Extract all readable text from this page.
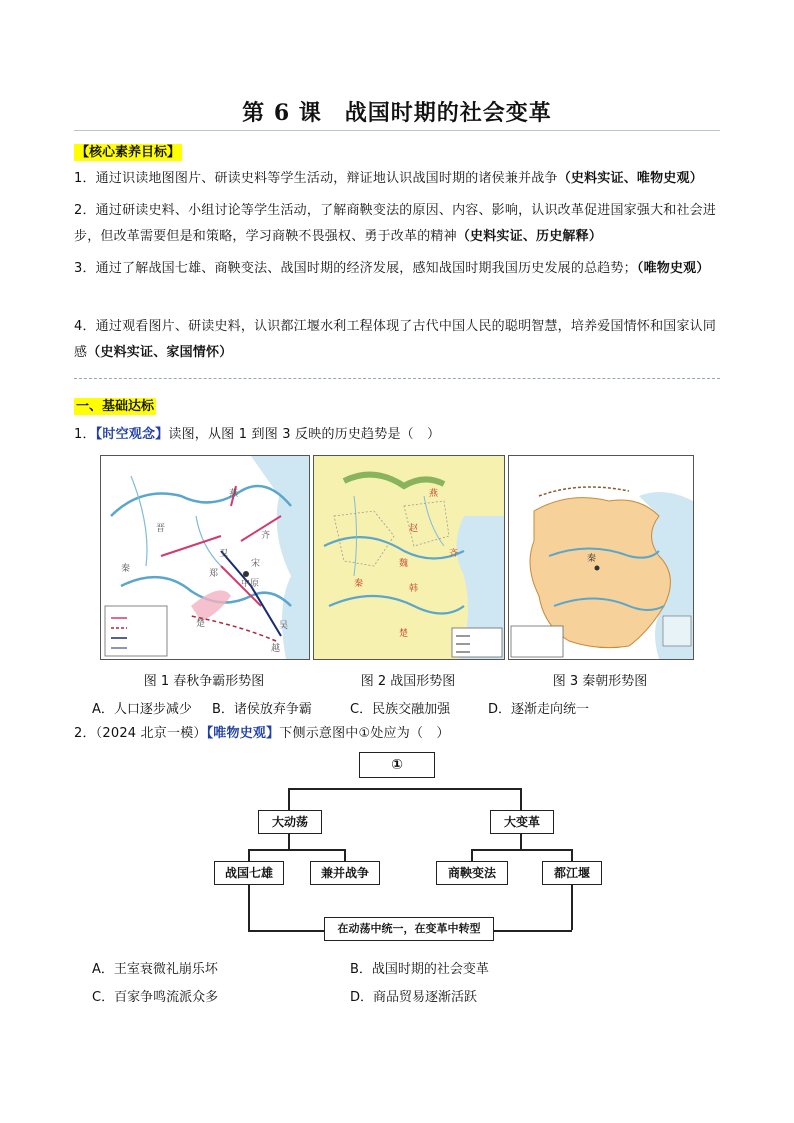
第 6 课　战国时期的社会变革
【核心素养目标】
1．通过识读地图图片、研读史料等学生活动，辩证地认识战国时期的诸侯兼并战争（史料实证、唯物史观）
2．通过研读史料、小组讨论等学生活动，了解商鞅变法的原因、内容、影响，认识改革促进国家强大和社会进步，但改革需要但是和策略，学习商鞅不畏强权、勇于改革的精神（史料实证、历史解释）
3．通过了解战国七雄、商鞅变法、战国时期的经济发展，感知战国时期我国历史发展的总趋势；（唯物史观）
4．通过观看图片、研读史料，认识都江堰水利工程体现了古代中国人民的聪明智慧，培养爱国情怀和国家认同感（史料实证、家国情怀）
一、基础达标
1．【时空观念】读图，从图 1 到图 3 反映的历史趋势是（　）
秦
晋
燕
齐
楚
卫
宋
郑
中原
吴
越
燕
赵
魏
韩
齐
楚
秦
秦
图 1 春秋争霸形势图	图 2 战国形势图	图 3 秦朝形势图
A．人口逐步减少 B．诸侯放弃争霸	C．民族交融加强	D．逐渐走向统一
2．（2024 北京一模）【唯物史观】下侧示意图中①处应为（　）
①
大动荡	大变革
战国七雄	兼并战争	商鞅变法	都江堰
在动荡中统一，在变革中转型
A．王室衰微礼崩乐坏	B．战国时期的社会变革
C．百家争鸣流派众多	D．商品贸易逐渐活跃
